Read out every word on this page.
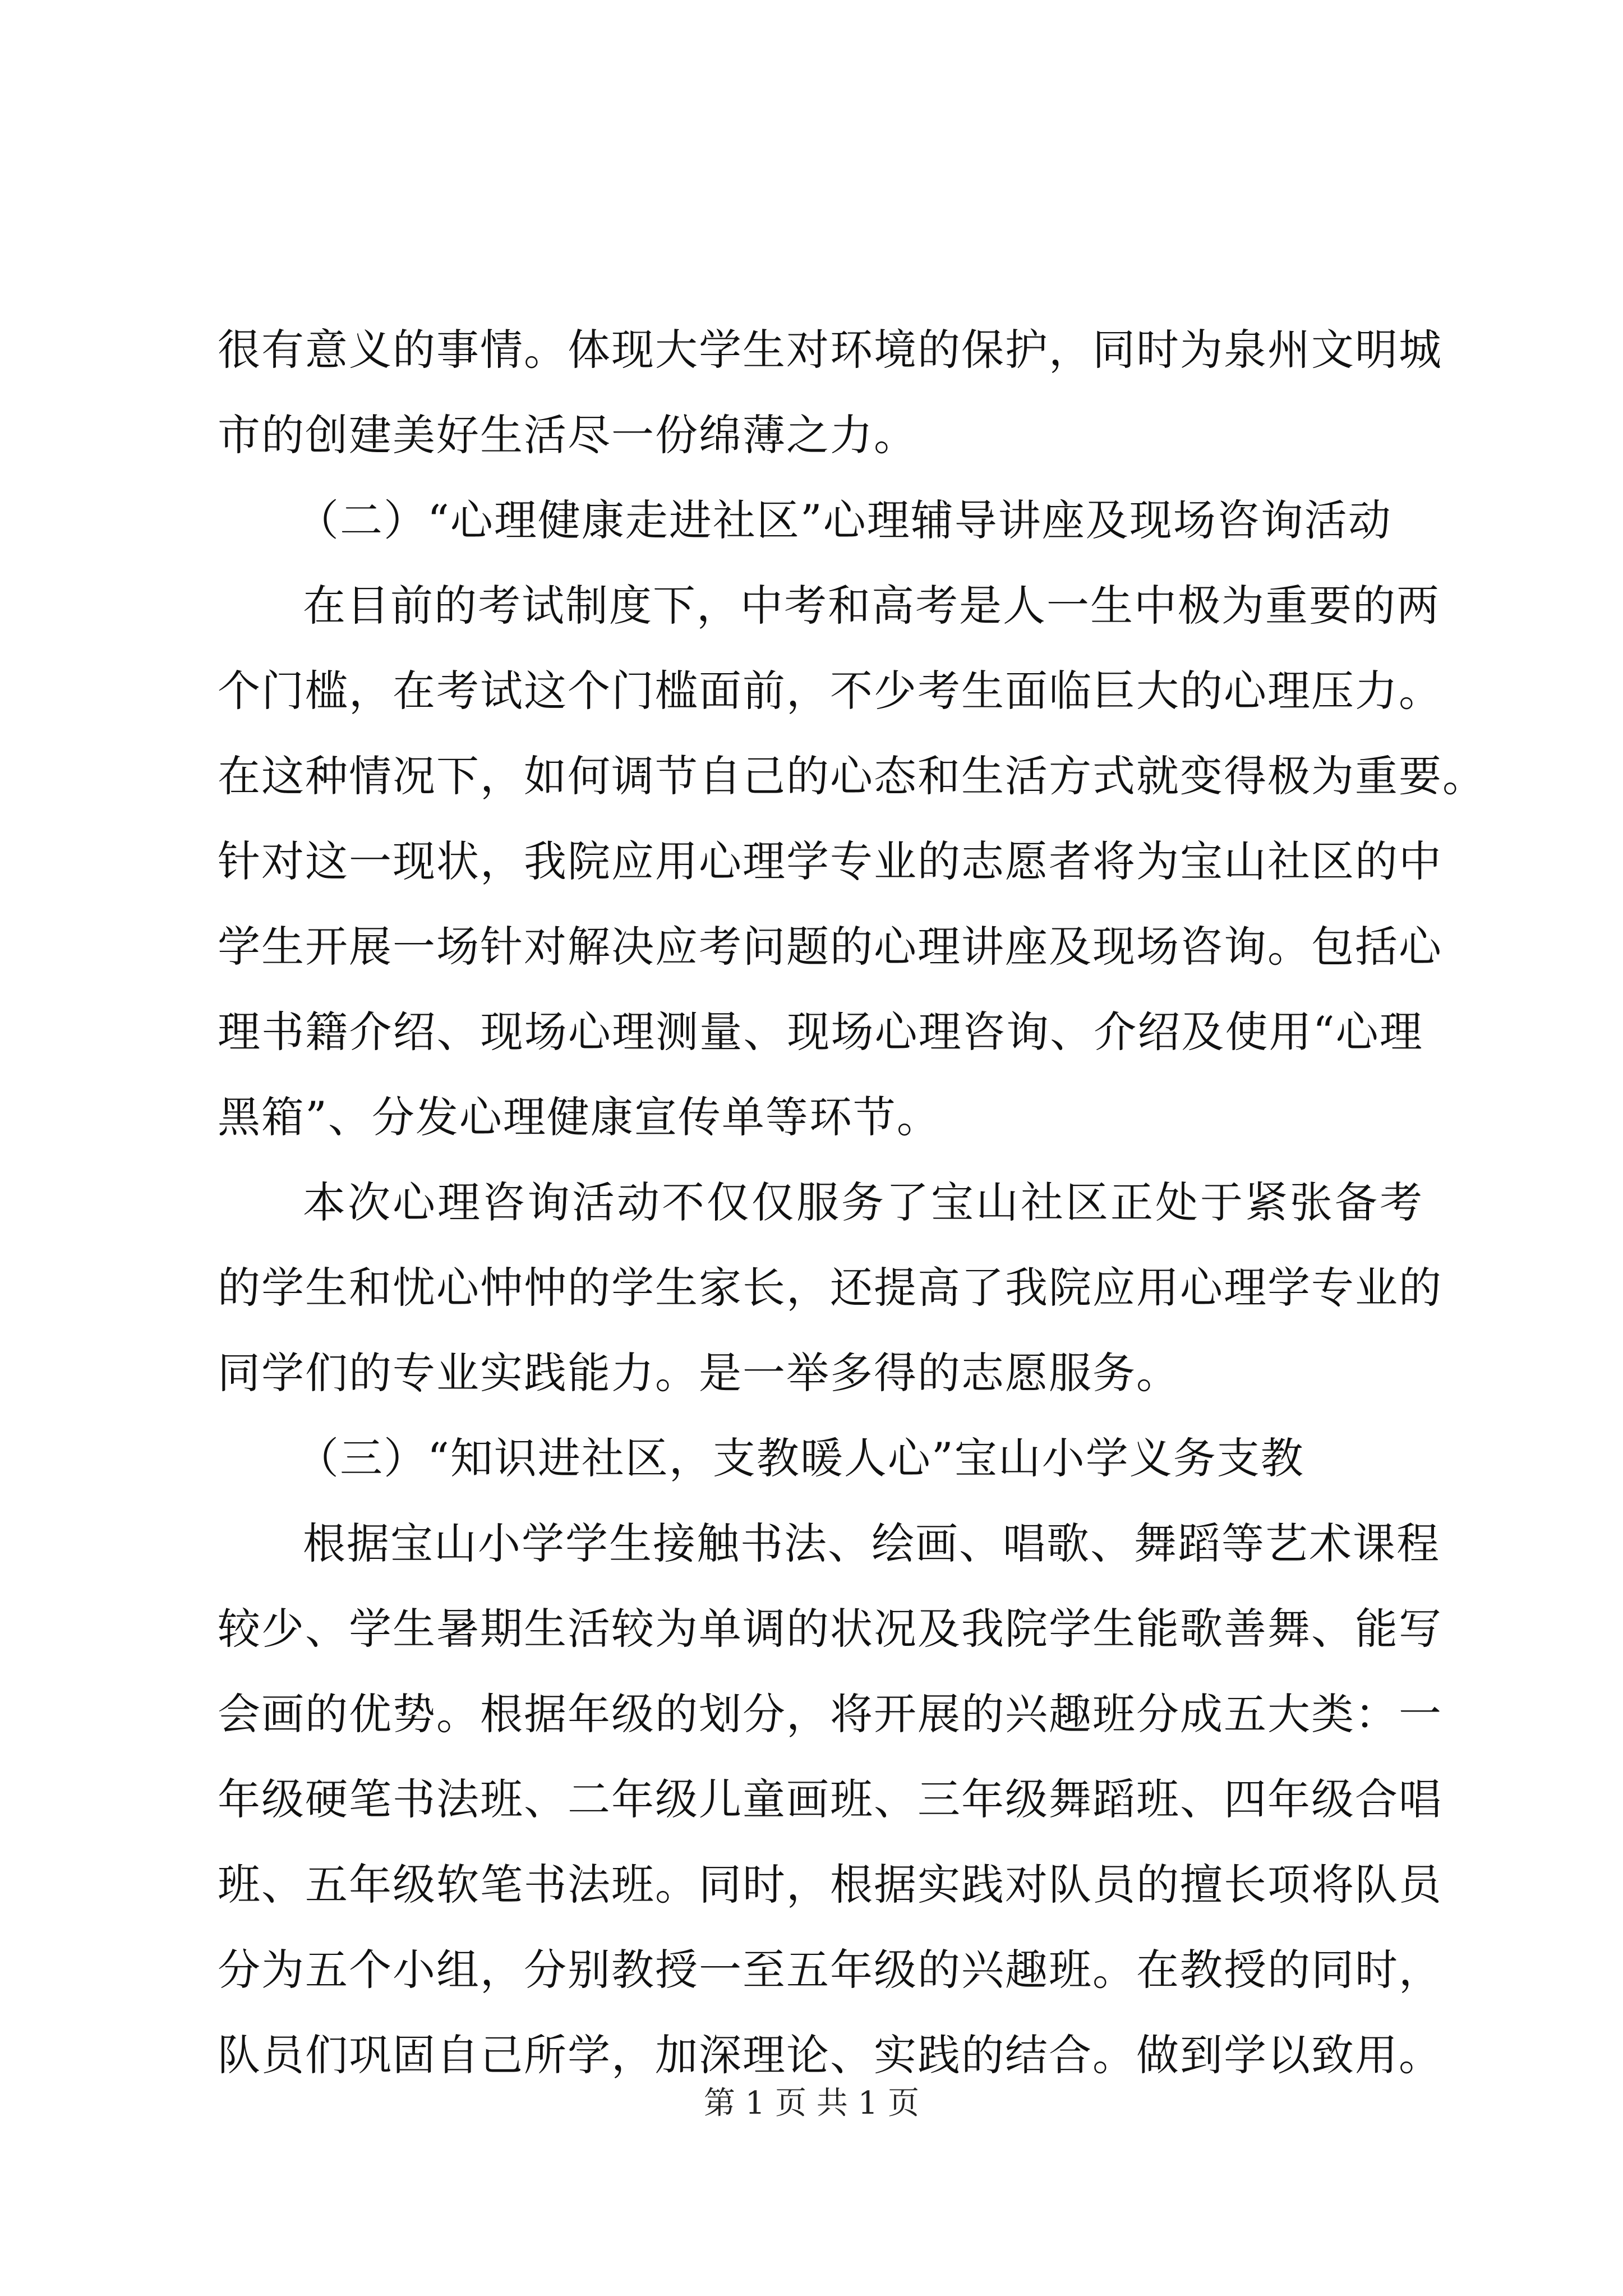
很 有 意 义 的 事 情 。 体 现 大 学 生 对 环 境 的 保 护 ， 同 时 为 泉 州 文 明 城
市的创建美好生活尽一份绵薄之力。
（二）“心理健康走进社区”心理辅导讲座及现场咨询活动
在 目 前 的 考 试 制 度 下 ， 中 考 和 高 考 是 人 一 生 中 极 为 重 要 的 两
个 门 槛 ， 在 考 试 这 个 门 槛 面 前 ， 不 少 考 生 面 临 巨 大 的 心 理 压 力 。
在 这 种 情 况 下 ， 如 何 调 节 自 己 的 心 态 和 生 活 方 式 就 变 得 极 为 重 要 。
针 对 这 一 现 状 ， 我 院 应 用 心 理 学 专 业 的 志 愿 者 将 为 宝 山 社 区 的 中
学 生 开 展 一 场 针 对 解 决 应 考 问 题 的 心 理 讲 座 及 现 场 咨 询 。 包 括 心
理 书 籍 介 绍 、 现 场 心 理 测 量 、 现 场 心 理 咨 询 、 介 绍 及 使 用 “ 心 理
黑箱”、分发心理健康宣传单等环节。
本 次 心 理 咨 询 活 动 不 仅 仅 服 务 了 宝 山 社 区 正 处 于 紧 张 备 考
的 学 生 和 忧 心 忡 忡 的 学 生 家 长 ， 还 提 高 了 我 院 应 用 心 理 学 专 业 的
同学们的专业实践能力。是一举多得的志愿服务。
（三）“知识进社区，支教暖人心”宝山小学义务支教
根 据 宝 山 小 学 学 生 接 触 书 法 、 绘 画 、 唱 歌 、 舞 蹈 等 艺 术 课 程
较 少 、 学 生 暑 期 生 活 较 为 单 调 的 状 况 及 我 院 学 生 能 歌 善 舞 、 能 写
会 画 的 优 势 。 根 据 年 级 的 划 分 ， 将 开 展 的 兴 趣 班 分 成 五 大 类 ： 一
年 级 硬 笔 书 法 班 、 二 年 级 儿 童 画 班 、 三 年 级 舞 蹈 班 、 四 年 级 合 唱
班 、 五 年 级 软 笔 书 法 班 。 同 时 ， 根 据 实 践 对 队 员 的 擅 长 项 将 队 员
分 为 五 个 小 组 ， 分 别 教 授 一 至 五 年 级 的 兴 趣 班 。 在 教 授 的 同 时 ，
队 员 们 巩 固 自 己 所 学 ， 加 深 理 论 、 实 践 的 结 合 。 做 到 学 以 致 用 。
第 1 页 共 1 页
